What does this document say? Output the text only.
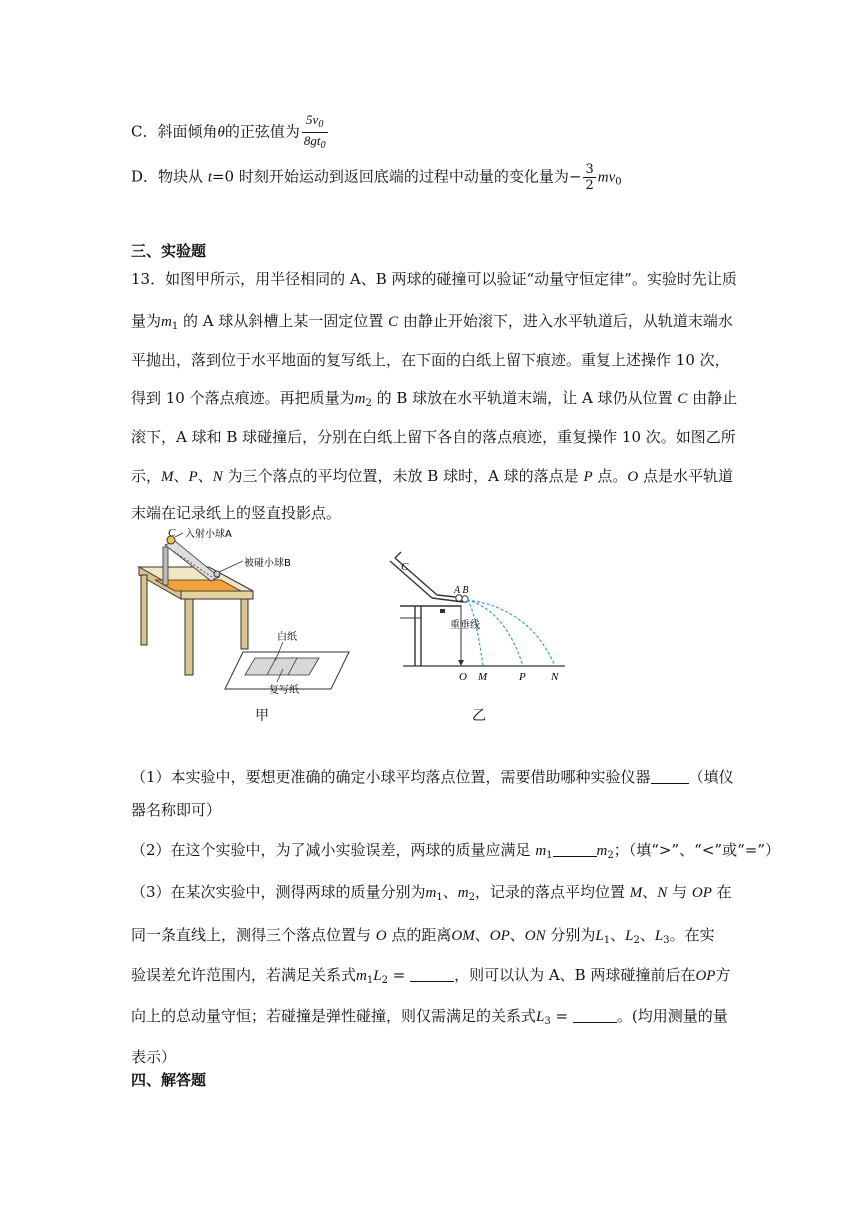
C．斜面倾角θ的正弦值为 $\frac{5v_0}{8gt_0}$
D．物块从 t=0 时刻开始运动到返回底端的过程中动量的变化量为− $\frac{3}{2} mv_0$
三、实验题
13．如图甲所示，用半径相同的 A、B 两球的碰撞可以验证“动量守恒定律”。实验时先让质
量为$m_1$ 的 A 球从斜槽上某一固定位置 C 由静止开始滚下，进入水平轨道后，从轨道末端水
平抛出，落到位于水平地面的复写纸上，在下面的白纸上留下痕迹。重复上述操作 10 次，
得到 10 个落点痕迹。再把质量为$m_2$ 的 B 球放在水平轨道末端，让 A 球仍从位置 C 由静止
滚下，A 球和 B 球碰撞后，分别在白纸上留下各自的落点痕迹，重复操作 10 次。如图乙所
示，M、P、N 为三个落点的平均位置，未放 B 球时，A 球的落点是 P 点。O 点是水平轨道
末端在记录纸上的竖直投影点。
C 入射小球A
被碰小球B
白纸
复写纸
甲
C
A B
重垂线
O M	P N
乙
（1）本实验中，要想更准确的确定小球平均落点位置，需要借助哪种实验仪器	（填仪
器名称即可）
（2）在这个实验中，为了减小实验误差，两球的质量应满足 $m_1$	$m_2$；（填“>”、“<”或“=”）
（3）在某次实验中，测得两球的质量分别为$m_1$、$m_2$，记录的落点平均位置 M、N 与 OP 在
同一条直线上，测得三个落点位置与 O 点的距离OM、OP、ON 分别为$L_1$、$L_2$、$L_3$。在实
验误差允许范围内，若满足关系式$m_1L_2$ =	，则可以认为 A、B 两球碰撞前后在OP方
向上的总动量守恒；若碰撞是弹性碰撞，则仅需满足的关系式$L_3$ =	。(均用测量的量
表示）
四、解答题
